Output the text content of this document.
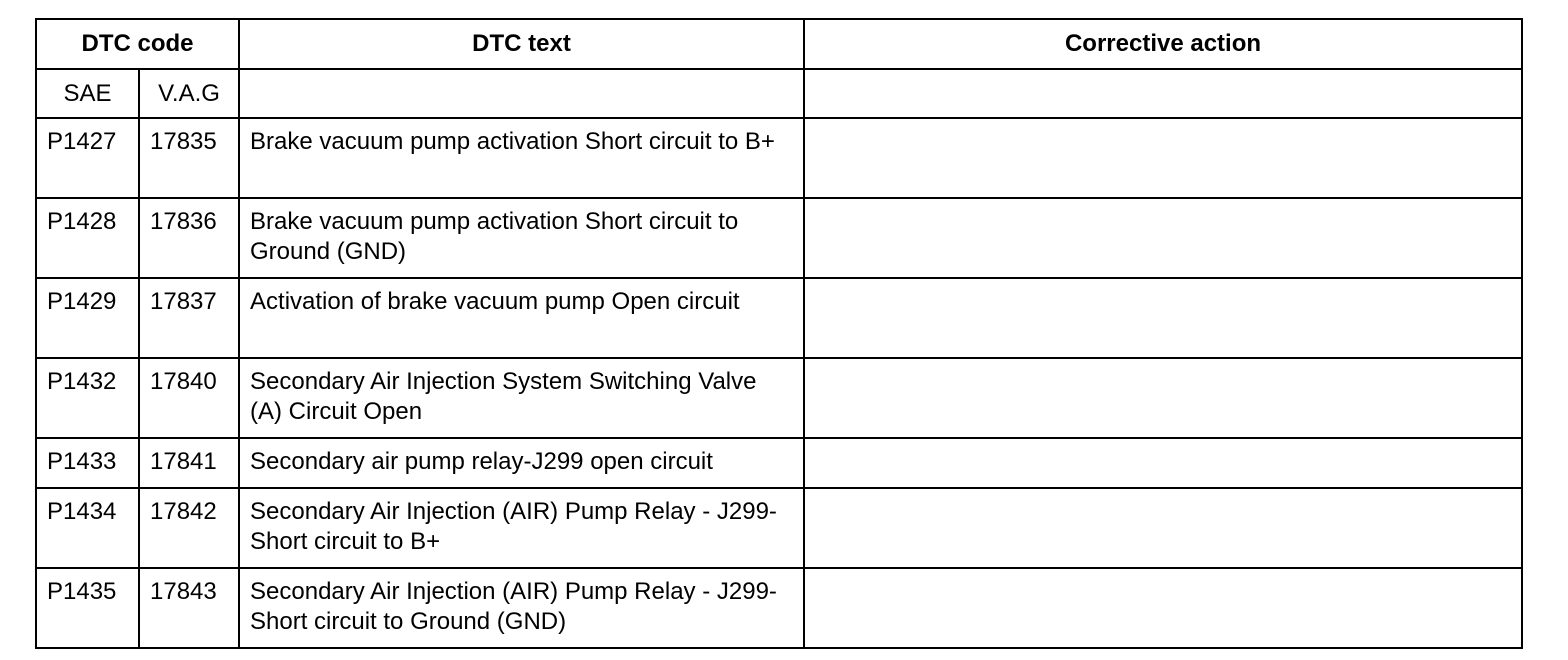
DTC code		DTC text	Corrective action
SAE	V.A.G		
P1427	17835	Brake vacuum pump activation Short circuit to B+	
P1428	17836	Brake vacuum pump activation Short circuit to Ground (GND)	
P1429	17837	Activation of brake vacuum pump Open circuit	
P1432	17840	Secondary Air Injection System Switching Valve (A) Circuit Open	
P1433	17841	Secondary air pump relay-J299 open circuit	
P1434	17842	Secondary Air Injection (AIR) Pump Relay - J299- Short circuit to B+	
P1435	17843	Secondary Air Injection (AIR) Pump Relay - J299- Short circuit to Ground (GND)	
